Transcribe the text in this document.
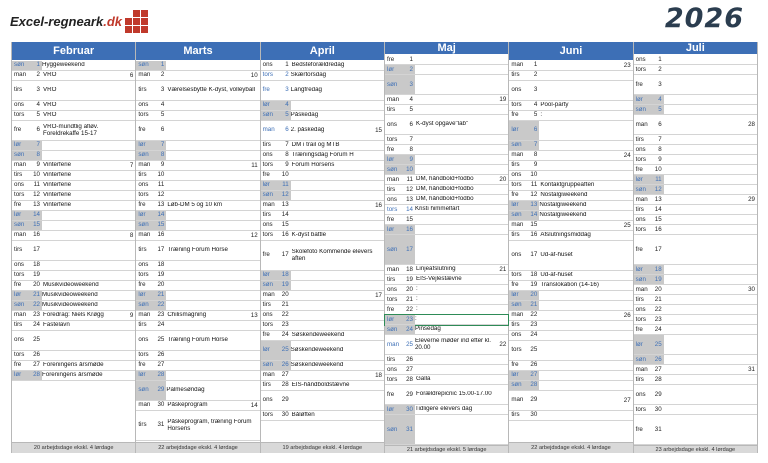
Excel-regneark.dk	2026
Februar
søn	1 Hyggeweekend
man	2 VRO	6
tirs	3 VRO
ons	4 VRO
tors	5 VRO
fre	6
VRO-mundtlig afløv. Foreldrekaffe 15-17
lør	7
søn	8
man	9 Vinterferie	7
tirs	10 Vinterferie
ons	11 Vinterferie
tors	12 Vinterferie
fre	13 Vinterferie
lør	14
søn	15
man	16	8
tirs	17
ons	18
tors	19
fre	20 Musikvideoweekend
lør	21 Musikvideoweekend
søn	22 Musikvideoweekend
man	23 Foredrag: Niels Krøgg	9
tirs	24 Fastelavn
ons	25
tors	26
fre	27 Foreningens årsmøde
lør	28 Foreningens årsmøde
20 arbejdsdage ekskl. 4 lørdage
Marts
søn	1
man	2	10
tirs	3 Værelsesbytte K-dyst, volleyball
ons	4
tors	5
fre	6
lør	7
søn	8
man	9	11
tirs	10
ons	11
tors	12
fre	13 Løb-DM 5 og 10 km
lør	14
søn	15
man	16	12
tirs	17 Træning Forum Horse
ons	18
tors	19
fre	20
lør	21
søn	22
man	23 Chilismagning	13
tirs	24
ons	25 Træning Forum Horse
tors	26
fre	27
lør	28
søn	29 Palmesøndag
man	30 Påskeprogram	14
tirs	31
Påskeprogram, træning Forum Horsens
22 arbejdsdage ekskl. 4 lørdage
April
ons	1 Bedsteforældredag
tors	2 Skærtorsdag
fre	3 Langfredag
lør	4
søn	5 Påskedag
man	6 2. påskedag	15
tirs	7 DM i trail og MTB
ons	8 Træningsdag Forum H
tors	9 Forum Horsens
fre	10
lør	11
søn	12
man	13	16
tirs	14
ons	15
tors	16 K-dyst battle
fre	17
Skolefoto Kommende elevers aften
lør	18
søn	19
man	20	17
tirs	21
ons	22
tors	23
fre	24 Søskendeweekend
lør	25 Søskendeweekend
søn	26 Søskendeweekend
man	27	18
tirs	28 EIS-håndboldstævne
ons	29
tors	30 Båløften
19 arbejdsdage ekskl. 4 lørdage
Maj
fre	1
lør	2
søn	3
man	4	19
tirs	5
ons	6 K-dyst opgave"lab"
tors	7
fre	8
lør	9
søn	10
man	11 DM, håndbold+fodbo	20
tirs	12 DM, håndbold+fodbo
ons	13 DM, håndbold+fodbo
tors	14 Kristi himmelfart
fre	15
lør	16
søn	17
man	18 Linjeafslutning	21
tirs	19 EIS-Vejlestævne
ons	20 :
tors	21 :
fre	22 :
lør	23 :
søn	24 Pinsedag
man	25
Eleverne møder ind efter kl. 20.00	22
tirs	26
ons	27
tors	28 Galla
fre	29 Forældrepicnic 15.00-17.00
lør	30 Tidligere elevers dag
søn	31
21 arbejdsdage ekskl. 5 lørdage
Juni
man	1	23
tirs	2
ons	3
tors	4 Pool-party
fre	5 :
lør	6
søn	7
man	8	24
tirs	9
ons	10
tors	11 Kontaktgruppeaften
fre	12 Nostalgiweekend
lør	13 Nostalgiweekend
søn	14 Nostalgiweekend
man	15	25
tirs	16 Afslutningsmiddag
ons	17 Ud-af-huset
tors	18 Ud-af-huset
fre	19 Translokation (14-16)
lør	20
søn	21
man	22	26
tirs	23
ons	24
tors	25
fre	26
lør	27
søn	28
man	29	27
tirs	30
22 arbejdsdage ekskl. 4 lørdage
Juli
ons	1
tors	2
fre	3
lør	4
søn	5
man	6	28
tirs	7
ons	8
tors	9
fre	10
lør	11
søn	12
man	13	29
tirs	14
ons	15
tors	16
fre	17
lør	18
søn	19
man	20	30
tirs	21
ons	22
tors	23
fre	24
lør	25
søn	26
man	27	31
tirs	28
ons	29
tors	30
fre	31
23 arbejdsdage ekskl. 4 lørdage
